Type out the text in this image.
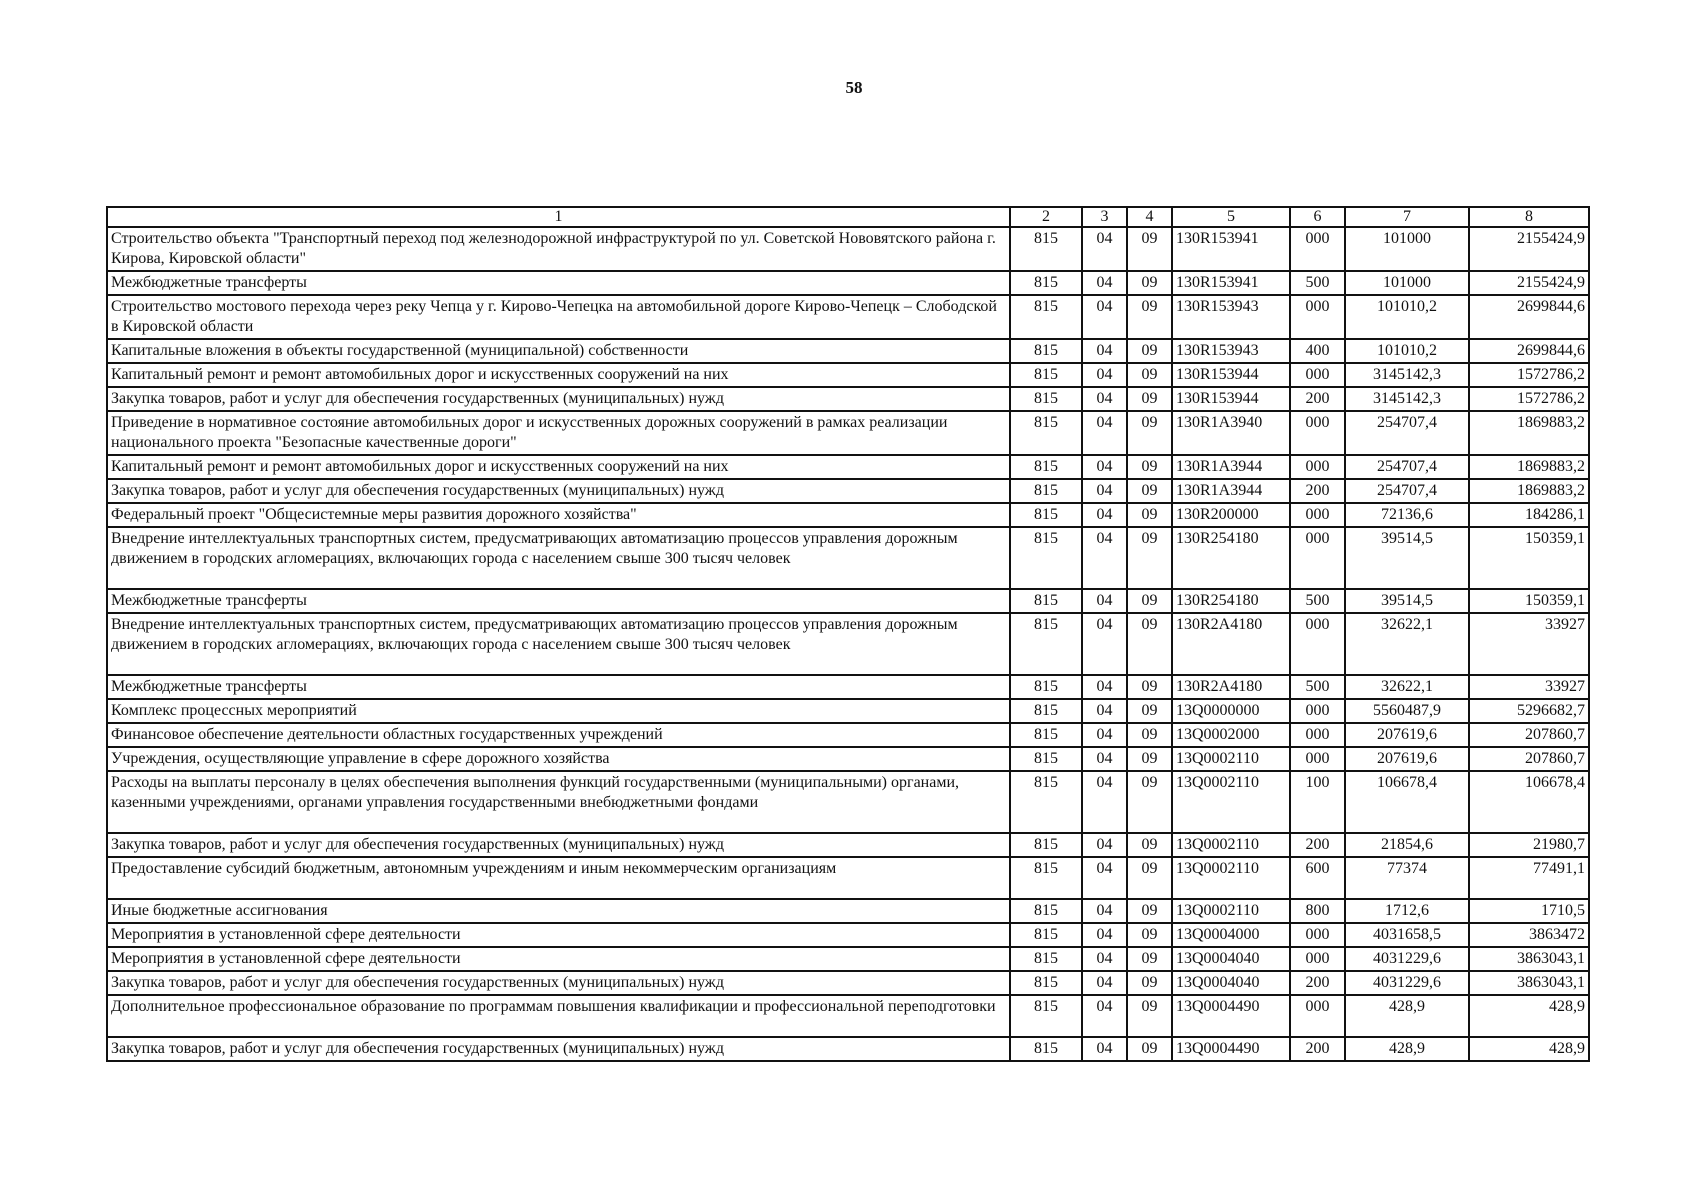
58
1	2	3	4	5	6	7	8
Строительство объекта "Транспортный переход под железнодорожной инфраструктурой по ул. Советской Нововятского района г. Кирова, Кировской области"	815	04	09	130R153941	000	101000	2155424,9
Межбюджетные трансферты	815	04	09	130R153941	500	101000	2155424,9
Строительство мостового перехода через реку Чепца у г. Кирово-Чепецка на автомобильной дороге Кирово-Чепецк – Слободской в Кировской области	815	04	09	130R153943	000	101010,2	2699844,6
Капитальные вложения в объекты государственной (муниципальной) собственности	815	04	09	130R153943	400	101010,2	2699844,6
Капитальный ремонт и ремонт автомобильных дорог и искусственных сооружений на них	815	04	09	130R153944	000	3145142,3	1572786,2
Закупка товаров, работ и услуг для обеспечения государственных (муниципальных) нужд	815	04	09	130R153944	200	3145142,3	1572786,2
Приведение в нормативное состояние автомобильных дорог и искусственных дорожных сооружений в рамках реализации национального проекта "Безопасные качественные дороги"	815	04	09	130R1A3940	000	254707,4	1869883,2
Капитальный ремонт и ремонт автомобильных дорог и искусственных сооружений на них	815	04	09	130R1A3944	000	254707,4	1869883,2
Закупка товаров, работ и услуг для обеспечения государственных (муниципальных) нужд	815	04	09	130R1A3944	200	254707,4	1869883,2
Федеральный проект "Общесистемные меры развития дорожного хозяйства"	815	04	09	130R200000	000	72136,6	184286,1
Внедрение интеллектуальных транспортных систем, предусматривающих автоматизацию процессов управления дорожным движением в городских агломерациях, включающих города с населением свыше 300 тысяч человек	815	04	09	130R254180	000	39514,5	150359,1
Межбюджетные трансферты	815	04	09	130R254180	500	39514,5	150359,1
Внедрение интеллектуальных транспортных систем, предусматривающих автоматизацию процессов управления дорожным движением в городских агломерациях, включающих города с населением свыше 300 тысяч человек	815	04	09	130R2A4180	000	32622,1	33927
Межбюджетные трансферты	815	04	09	130R2A4180	500	32622,1	33927
Комплекс процессных мероприятий	815	04	09	13Q0000000	000	5560487,9	5296682,7
Финансовое обеспечение деятельности областных государственных учреждений	815	04	09	13Q0002000	000	207619,6	207860,7
Учреждения, осуществляющие управление в сфере дорожного хозяйства	815	04	09	13Q0002110	000	207619,6	207860,7
Расходы на выплаты персоналу в целях обеспечения выполнения функций государственными (муниципальными) органами, казенными учреждениями, органами управления государственными внебюджетными фондами	815	04	09	13Q0002110	100	106678,4	106678,4
Закупка товаров, работ и услуг для обеспечения государственных (муниципальных) нужд	815	04	09	13Q0002110	200	21854,6	21980,7
Предоставление субсидий бюджетным, автономным учреждениям и иным некоммерческим организациям	815	04	09	13Q0002110	600	77374	77491,1
Иные бюджетные ассигнования	815	04	09	13Q0002110	800	1712,6	1710,5
Мероприятия в установленной сфере деятельности	815	04	09	13Q0004000	000	4031658,5	3863472
Мероприятия в установленной сфере деятельности	815	04	09	13Q0004040	000	4031229,6	3863043,1
Закупка товаров, работ и услуг для обеспечения государственных (муниципальных) нужд	815	04	09	13Q0004040	200	4031229,6	3863043,1
Дополнительное профессиональное образование по программам повышения квалификации и профессиональной переподготовки	815	04	09	13Q0004490	000	428,9	428,9
Закупка товаров, работ и услуг для обеспечения государственных (муниципальных) нужд	815	04	09	13Q0004490	200	428,9	428,9
